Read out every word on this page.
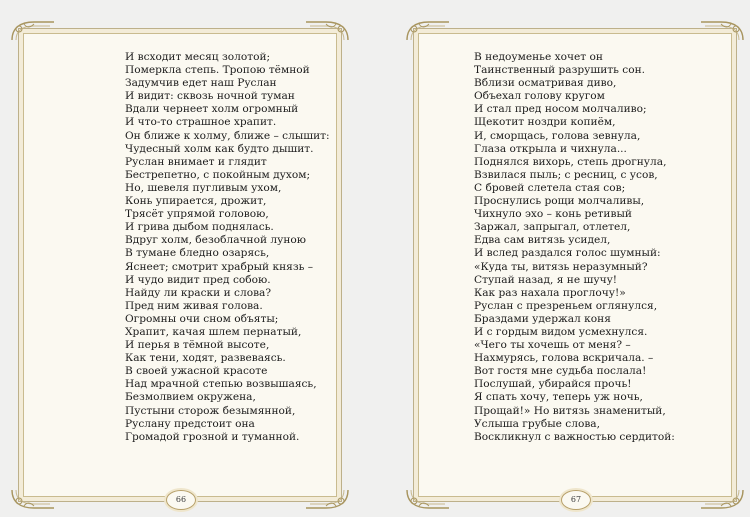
И всходит месяц золотой;
Померкла степь. Тропою тёмной
Задумчив едет наш Руслан
И видит: сквозь ночной туман
Вдали чернеет холм огромный
И что-то страшное храпит.
Он ближе к холму, ближе – слышит:
Чудесный холм как будто дышит.
Руслан внимает и глядит
Бестрепетно, с покойным духом;
Но, шевеля пугливым ухом,
Конь упирается, дрожит,
Трясёт упрямой головою,
И грива дыбом поднялась.
Вдруг холм, безоблачной луною
В тумане бледно озарясь,
Яснеет; смотрит храбрый князь –
И чудо видит пред собою.
Найду ли краски и слова?
Пред ним живая голова.
Огромны очи сном объяты;
Храпит, качая шлем пернатый,
И перья в тёмной высоте,
Как тени, ходят, развеваясь.
В своей ужасной красоте
Над мрачной степью возвышаясь,
Безмолвием окружена,
Пустыни сторож безымянной,
Руслану предстоит она
Громадой грозной и туманной.
66
В недоуменье хочет он
Таинственный разрушить сон.
Вблизи осматривая диво,
Объехал голову кругом
И стал пред носом молчаливо;
Щекотит ноздри копиём,
И, сморщась, голова зевнула,
Глаза открыла и чихнула...
Поднялся вихорь, степь дрогнула,
Взвилася пыль; с ресниц, с усов,
С бровей слетела стая сов;
Проснулись рощи молчаливы,
Чихнуло эхо – конь ретивый
Заржал, запрыгал, отлетел,
Едва сам витязь усидел,
И вслед раздался голос шумный:
«Куда ты, витязь неразумный?
Ступай назад, я не шучу!
Как раз нахала проглочу!»
Руслан с презреньем оглянулся,
Браздами удержал коня
И с гордым видом усмехнулся.
«Чего ты хочешь от меня? –
Нахмурясь, голова вскричала. –
Вот гостя мне судьба послала!
Послушай, убирайся прочь!
Я спать хочу, теперь уж ночь,
Прощай!» Но витязь знаменитый,
Услыша грубые слова,
Воскликнул с важностью сердитой:
67
